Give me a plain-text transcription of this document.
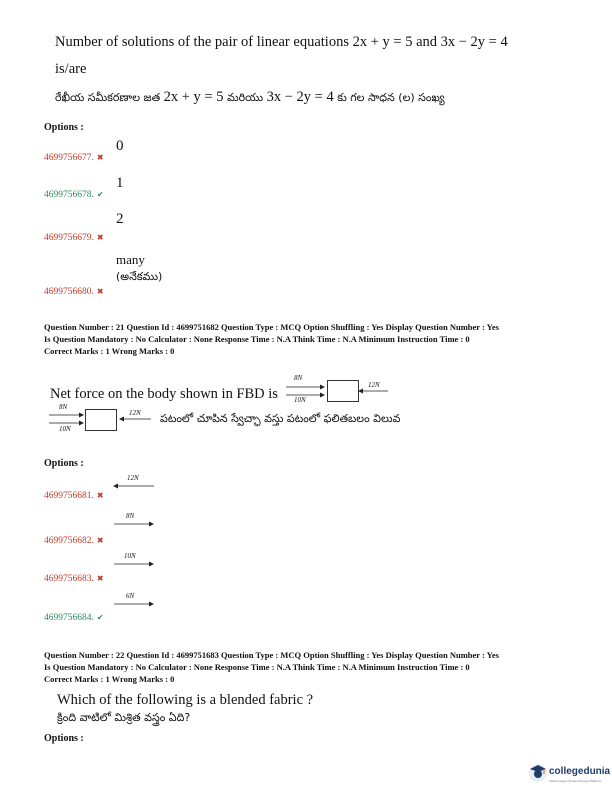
Number of solutions of the pair of linear equations 2x + y = 5 and 3x − 2y = 4
is/are
రేఖీయ సమీకరణాల జత 2x + y = 5 మరియు 3x − 2y = 4 కు గల సాధన (ల) సంఖ్య
Options :
4699756677. ✖
0
4699756678. ✔
1
4699756679. ✖
2
4699756680. ✖
many
(అనేకము)
Question Number : 21 Question Id : 4699751682 Question Type : MCQ Option Shuffling : Yes Display Question Number : Yes
Is Question Mandatory : No Calculator : None Response Time : N.A Think Time : N.A Minimum Instruction Time : 0
Correct Marks : 1 Wrong Marks : 0
Net force on the body shown in FBD is
8N
10N
12N
8N
10N
12N పటంలో చూపిన స్వేచ్ఛా వస్తు పటంలో ఫలితబలం విలువ
Options :
4699756681. ✖
12N
4699756682. ✖
8N
4699756683. ✖
10N
4699756684. ✔
6N
Question Number : 22 Question Id : 4699751683 Question Type : MCQ Option Shuffling : Yes Display Question Number : Yes
Is Question Mandatory : No Calculator : None Response Time : N.A Think Time : N.A Minimum Instruction Time : 0
Correct Marks : 1 Wrong Marks : 0
Which of the following is a blended fabric ?
క్రింది వాటిలో మిశ్రిత వస్త్రం ఏది?
Options :
collegedunia
India's largest Student Review Platform
